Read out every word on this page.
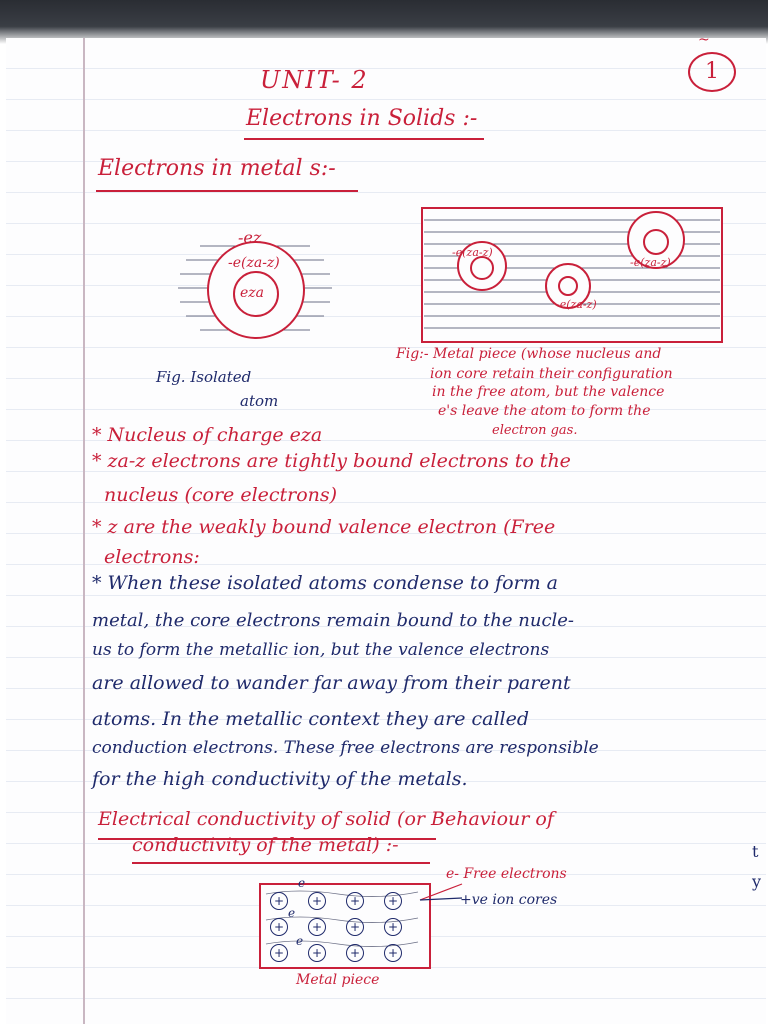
~
1
UNIT- 2
Electrons in Solids :-
Electrons in metal s:-
-ez
-e(za-z)
eza
Fig. Isolated
atom
-e(za-z)
-e(za-z)
-e(za-z)
Fig:- Metal piece (whose nucleus and
ion core retain their configuration
in the free atom, but the valence
e's leave the atom to form the
electron gas.
* Nucleus of charge eza
* za-z electrons are tightly bound electrons to the
nucleus (core electrons)
* z are the weakly bound valence electron (Free
electrons:
* When these isolated atoms condense to form a
metal, the core electrons remain bound to the nucle-
us to form the metallic ion, but the valence electrons
are allowed to wander far away from their parent
atoms. In the metallic context they are called
conduction electrons. These free electrons are responsible
for the high conductivity of the metals.
Electrical conductivity of solid (or Behaviour of
conductivity of the metal) :-
e
e
e
+	+	+	+
+	+	+	+
+	+	+	+
e- Free electrons
+ve ion cores
Metal piece
t
y
